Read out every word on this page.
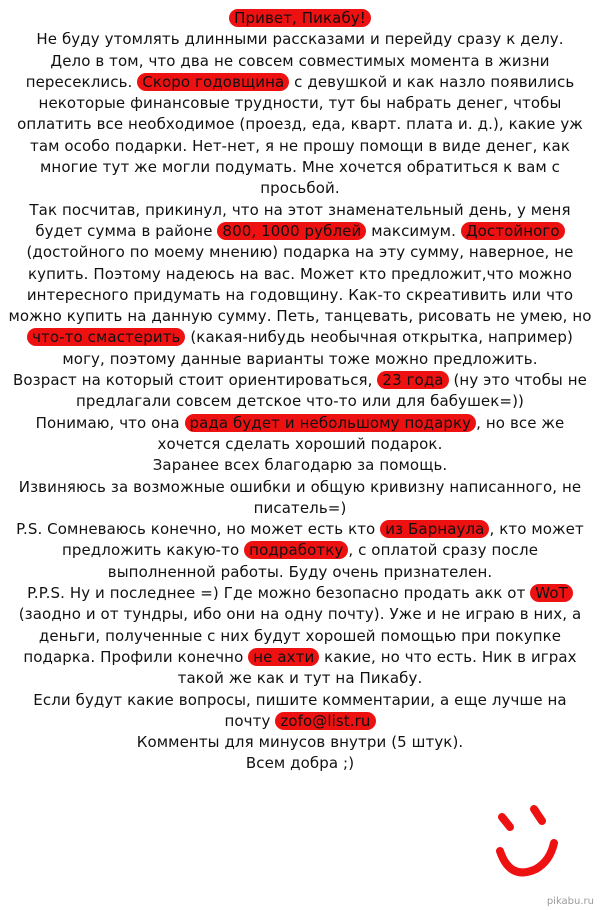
Привет, Пикабу!
Не буду утомлять длинными рассказами и перейду сразу к делу.
Дело в том, что два не совсем совместимых момента в жизни пересеклись. Скоро годовщина с девушкой и как назло появились некоторые финансовые трудности, тут бы набрать денег, чтобы оплатить все необходимое (проезд, еда, кварт. плата и. д.), какие уж там особо подарки. Нет-нет, я не прошу помощи в виде денег, как многие тут же могли подумать. Мне хочется обратиться к вам с просьбой.
Так посчитав, прикинул, что на этот знаменательный день, у меня будет сумма в районе 800, 1000 рублей максимум. Достойного (достойного по моему мнению) подарка на эту сумму, наверное, не купить. Поэтому надеюсь на вас. Может кто предложит,что можно интересного придумать на годовщину. Как-то скреативить или что можно купить на данную сумму. Петь, танцевать, рисовать не умею, но что-то смастерить (какая-нибудь необычная открытка, например) могу, поэтому данные варианты тоже можно предложить.
Возраст на который стоит ориентироваться, 23 года (ну это чтобы не предлагали совсем детское что-то или для бабушек=))
Понимаю, что она рада будет и небольшому подарку , но все же хочется сделать хороший подарок.
Заранее всех благодарю за помощь.
Извиняюсь за возможные ошибки и общую кривизну написанного, не писатель=)
P.S. Сомневаюсь конечно, но может есть кто из Барнаула , кто может предложить какую-то подработку , с оплатой сразу после выполненной работы. Буду очень признателен.
P.P.S. Ну и последнее =) Где можно безопасно продать акк от WoT (заодно и от тундры, ибо они на одну почту). Уже и не играю в них, а деньги, полученные с них будут хорошей помощью при покупке подарка. Профили конечно не ахти какие, но что есть. Ник в играх такой же как и тут на Пикабу.
Если будут какие вопросы, пишите комментарии, а еще лучше на почту zofo@list.ru
Комменты для минусов внутри (5 штук).
Всем добра ;)
pikabu.ru
